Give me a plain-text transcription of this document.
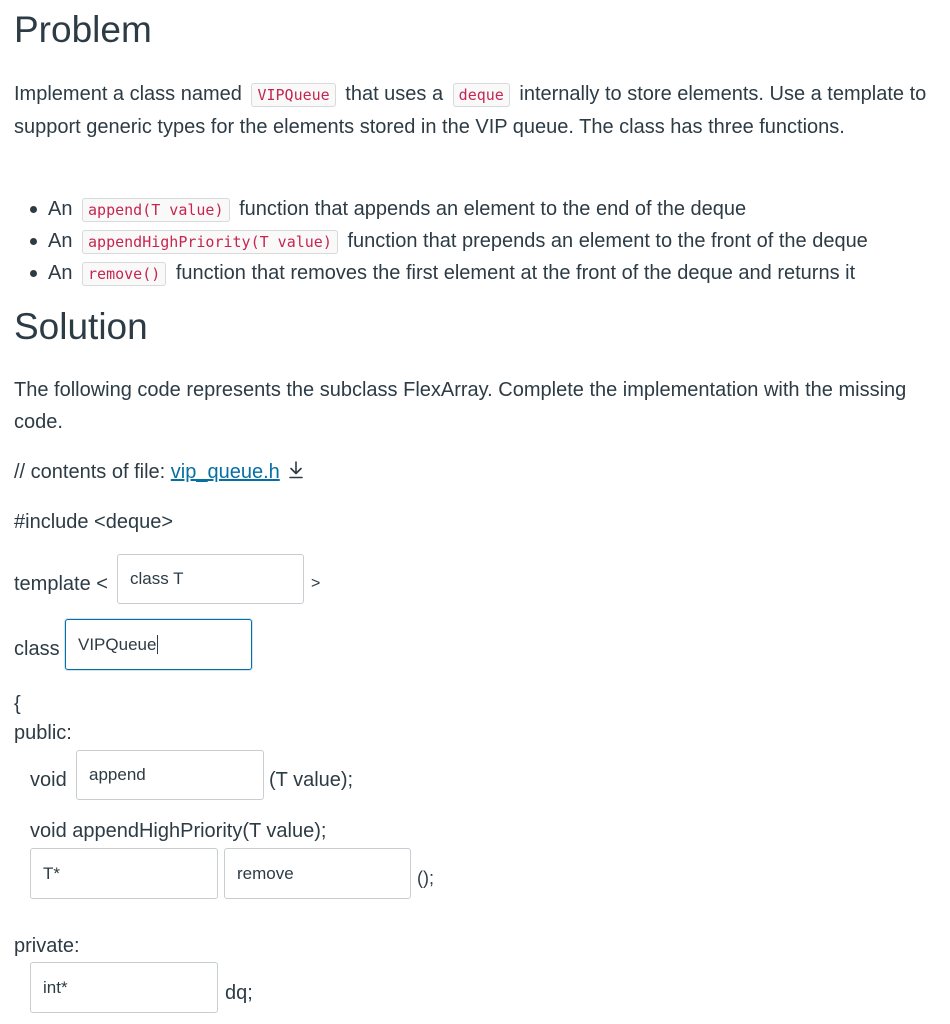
Problem
Implement a class named VIPQueue that uses a deque internally to store elements. Use a template to support generic types for the elements stored in the VIP queue. The class has three functions.
An append(T value) function that appends an element to the end of the deque
An appendHighPriority(T value) function that prepends an element to the front of the deque
An remove() function that removes the first element at the front of the deque and returns it
Solution
The following code represents the subclass FlexArray. Complete the implementation with the missing code.
// contents of file: vip_queue.h
#include <deque>
template < class T	>
class VIPQueue
{
public:
void append	(T value);
void appendHighPriority(T value);
T*	remove	();
private:
int*	dq;
